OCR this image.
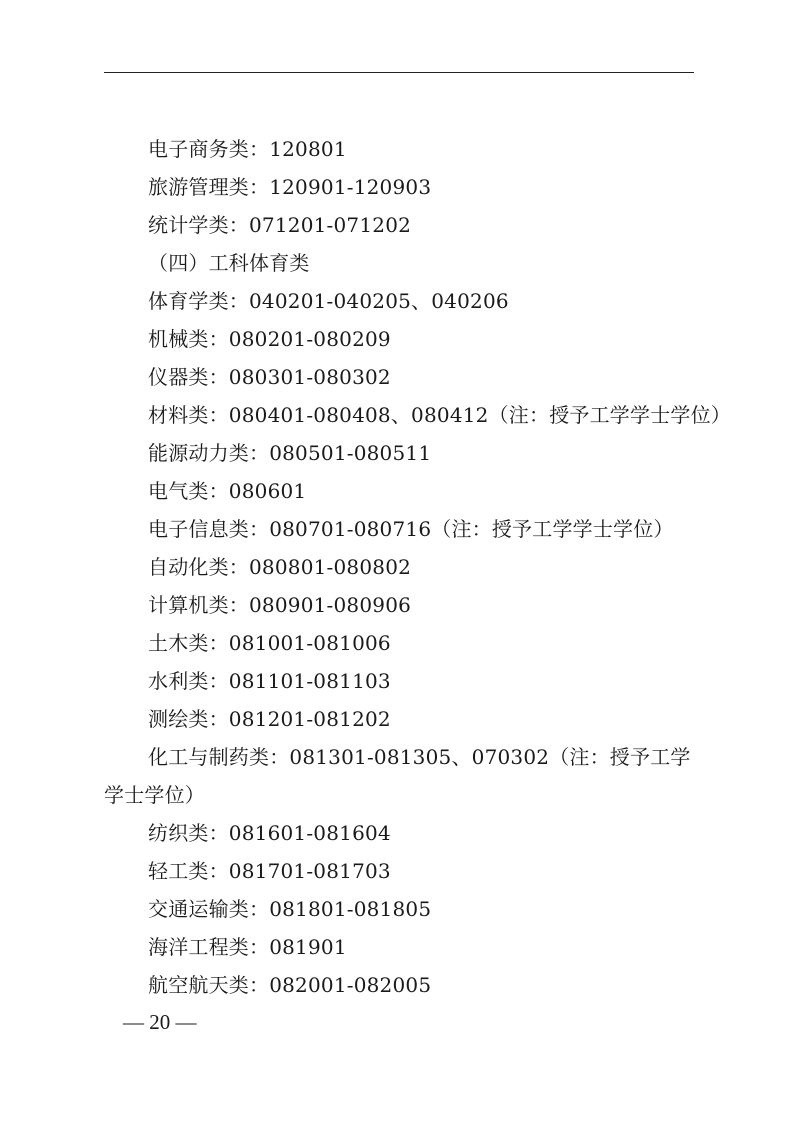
电子商务类：120801

旅游管理类：120901-120903

统计学类：071201-071202

（四）工科体育类

体育学类：040201-040205、040206

机械类：080201-080209

仪器类：080301-080302

材料类：080401-080408、080412（注：授予工学学士学位）

能源动力类：080501-080511

电气类：080601

电子信息类：080701-080716（注：授予工学学士学位）

自动化类：080801-080802

计算机类：080901-080906

土木类：081001-081006

水利类：081101-081103

测绘类：081201-081202

化工与制药类：081301-081305、070302（注：授予工学学士学位）

纺织类：081601-081604

轻工类：081701-081703

交通运输类：081801-081805

海洋工程类：081901

航空航天类：082001-082005

— 20 —
